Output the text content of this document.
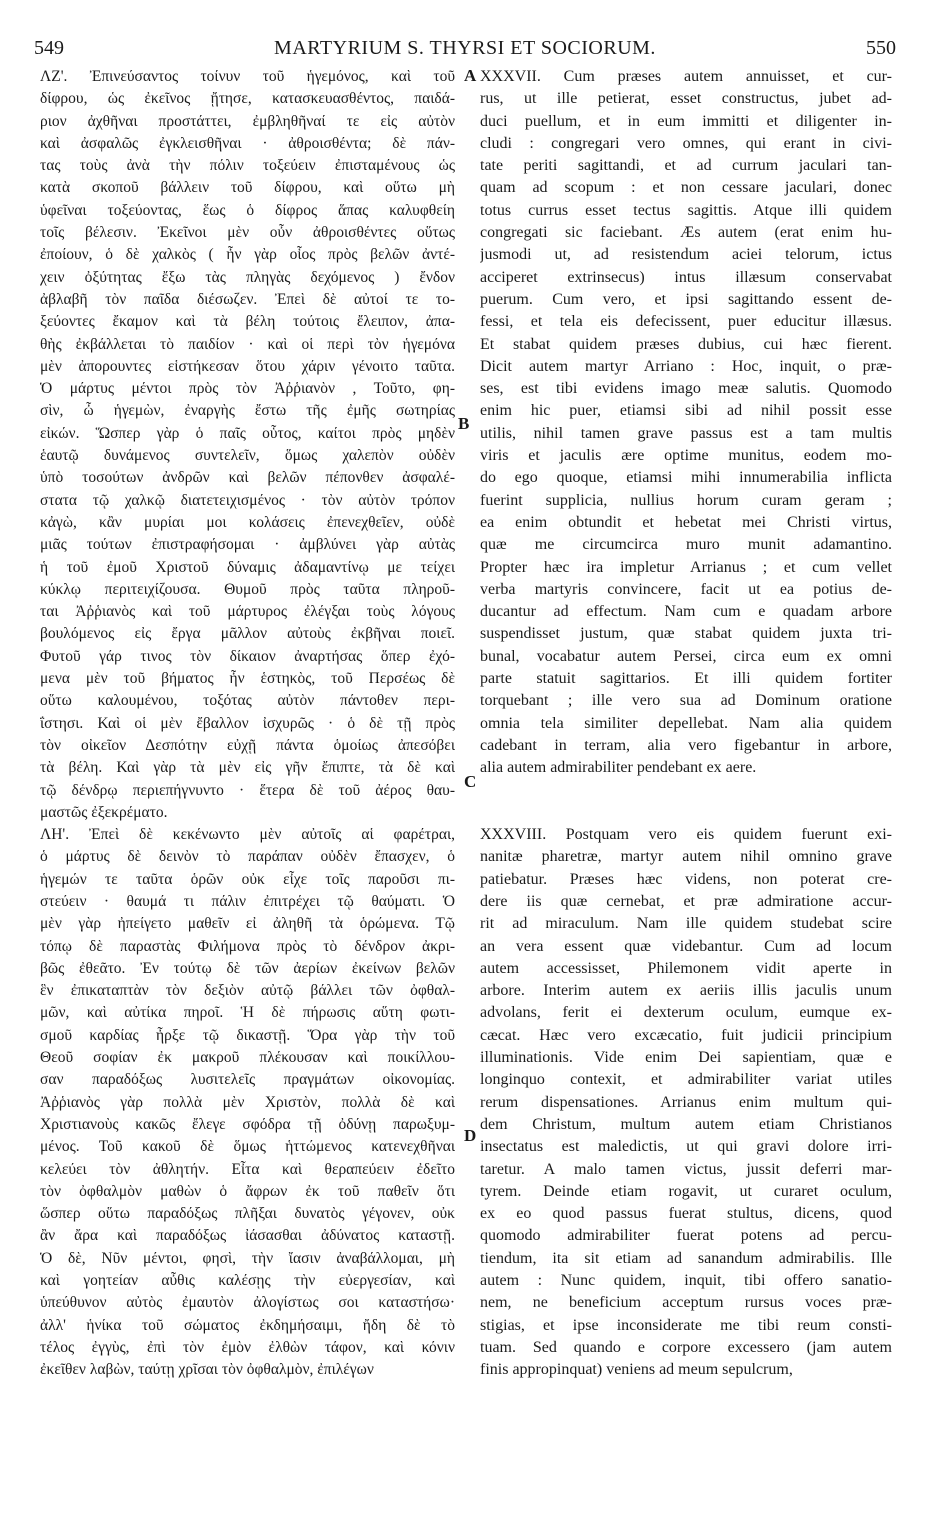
549	MARTYRIUM S. THYRSI ET SOCIORUM.	550
ΛΖ'. Ἐπινεύσαντος τοίνυν τοῦ ἡγεμόνος, καὶ τοῦ
δίφρου, ὡς ἐκεῖνος ᾔτησε, κατασκευασθέντος, παιδά-
ριον ἀχθῆναι προστάττει, ἐμβληθῆναί τε εἰς αὐτὸν
καὶ ἀσφαλῶς ἐγκλεισθῆναι · ἀθροισθέντα; δὲ πάν-
τας τοὺς ἀνὰ τὴν πόλιν τοξεύειν ἐπισταμένους ὡς
κατὰ σκοποῦ βάλλειν τοῦ δίφρου, καὶ οὕτω μὴ
ὑφεῖναι τοξεύοντας, ἕως ὁ δίφρος ἅπας καλυφθείη
τοῖς βέλεσιν. Ἐκεῖνοι μὲν οὖν ἀθροισθέντες οὕτως
ἐποίουν, ὁ δὲ χαλκὸς ( ἦν γὰρ οἷος πρὸς βελῶν ἀντέ-
χειν ὀξύτητας ἔξω τὰς πληγὰς δεχόμενος ) ἔνδον
ἀβλαβῆ τὸν παῖδα διέσωζεν. Ἐπεὶ δὲ αὐτοί τε το-
ξεύοντες ἔκαμον καὶ τὰ βέλη τούτοις ἔλειπον, ἀπα-
θὴς ἐκβάλλεται τὸ παιδίον · καὶ οἱ περὶ τὸν ἡγεμόνα
μὲν ἀπορουντες εἱστήκεσαν ὅτου χάριν γένοιτο ταῦτα.
Ὁ μάρτυς μέντοι πρὸς τὸν Ἀῤῥιανὸν , Τοῦτο, φη-
σὶν, ὦ ἡγεμὼν, ἐναργὴς ἔστω τῆς ἐμῆς σωτηρίας
εἰκών. Ὥσπερ γὰρ ὁ παῖς οὗτος, καίτοι πρὸς μηδὲν
ἑαυτῷ δυνάμενος συντελεῖν, ὅμως χαλεπὸν οὐδὲν
ὑπὸ τοσούτων ἀνδρῶν καὶ βελῶν πέπονθεν ἀσφαλέ-
στατα τῷ χαλκῷ διατετειχισμένος · τὸν αὐτὸν τρόπον
κἀγὼ, κἂν μυρίαι μοι κολάσεις ἐπενεχθεῖεν, οὐδὲ
μιᾶς τούτων ἐπιστραφήσομαι · ἀμβλύνει γὰρ αὐτὰς
ἡ τοῦ ἐμοῦ Χριστοῦ δύναμις ἀδαμαντίνῳ με τείχει
κύκλῳ περιτειχίζουσα. Θυμοῦ πρὸς ταῦτα πληροῦ-
ται Ἀῤῥιανὸς καὶ τοῦ μάρτυρος ἐλέγξαι τοὺς λόγους
βουλόμενος εἰς ἔργα μᾶλλον αὐτοὺς ἐκβῆναι ποιεῖ.
Φυτοῦ γάρ τινος τὸν δίκαιον ἀναρτήσας ὅπερ ἐχό-
μενα μὲν τοῦ βήματος ἦν ἑστηκὸς, τοῦ Περσέως δὲ
οὕτω καλουμένου, τοξότας αὐτὸν πάντοθεν περι-
ΐστησι. Καὶ οἱ μὲν ἔβαλλον ἰσχυρῶς · ὁ δὲ τῇ πρὸς
τὸν οἰκεῖον Δεσπότην εὐχῇ πάντα ὁμοίως ἀπεσόβει
τὰ βέλη. Καὶ γὰρ τὰ μὲν εἰς γῆν ἔπιπτε, τὰ δὲ καὶ
τῷ δένδρῳ περιεπήγνυντο · ἕτερα δὲ τοῦ ἀέρος θαυ-
μαστῶς ἐξεκρέματο.
ΛΗ'. Ἐπεὶ δὲ κεκένωντο μὲν αὐτοῖς αἱ φαρέτραι,
ὁ μάρτυς δὲ δεινὸν τὸ παράπαν οὐδὲν ἔπασχεν, ὁ
ἡγεμών τε ταῦτα ὁρῶν οὐκ εἶχε τοῖς παροῦσι πι-
στεύειν · θαυμά τι πάλιν ἐπιτρέχει τῷ θαύματι. Ὁ
μὲν γὰρ ἠπείγετο μαθεῖν εἰ ἀληθῆ τὰ ὁρώμενα. Τῷ
τόπῳ δὲ παραστὰς Φιλήμονα πρὸς τὸ δένδρον ἀκρι-
βῶς ἐθεᾶτο. Ἐν τούτῳ δὲ τῶν ἀερίων ἐκείνων βελῶν
ἓν ἐπικαταπτὰν τὸν δεξιὸν αὐτῷ βάλλει τῶν ὀφθαλ-
μῶν, καὶ αὐτίκα πηροῖ. Ἡ δὲ πήρωσις αὕτη φωτι-
σμοῦ καρδίας ἦρξε τῷ δικαστῇ. Ὅρα γὰρ τὴν τοῦ
Θεοῦ σοφίαν ἐκ μακροῦ πλέκουσαν καὶ ποικίλλου-
σαν παραδόξως λυσιτελεῖς πραγμάτων οἰκονομίας.
Ἀῤῥιανὸς γὰρ πολλὰ μὲν Χριστὸν, πολλὰ δὲ καὶ
Χριστιανοὺς κακῶς ἔλεγε σφόδρα τῇ ὀδύνῃ παρωξυμ-
μένος. Τοῦ κακοῦ δὲ ὅμως ἡττώμενος κατενεχθῆναι
κελεύει τὸν ἀθλητήν. Εἶτα καὶ θεραπεύειν ἐδεῖτο
τὸν ὀφθαλμὸν μαθὼν ὁ ἄφρων ἐκ τοῦ παθεῖν ὅτι
ὥσπερ οὕτω παραδόξως πλῆξαι δυνατὸς γέγονεν, οὐκ
ἂν ἄρα καὶ παραδόξως ἰάσασθαι ἀδύνατος καταστῇ.
Ὁ δὲ, Νῦν μέντοι, φησὶ, τὴν ἴασιν ἀναβάλλομαι, μὴ
καὶ γοητείαν αὖθις καλέσῃς τὴν εὐεργεσίαν, καὶ
ὑπεύθυνον αὐτὸς ἐμαυτὸν ἀλογίστως σοι καταστήσω·
ἀλλ' ἡνίκα τοῦ σώματος ἐκδημήσαιμι, ἤδη δὲ τὸ
τέλος ἐγγὺς, ἐπὶ τὸν ἐμὸν ἐλθὼν τάφον, καὶ κόνιν
ἐκεῖθεν λαβὼν, ταύτῃ χρῖσαι τὸν ὀφθαλμὸν, ἐπιλέγων
XXXVII. Cum præses autem annuisset, et cur-
rus, ut ille petierat, esset constructus, jubet ad-
duci puellum, et in eum immitti et diligenter in-
cludi : congregari vero omnes, qui erant in civi-
tate periti sagittandi, et ad currum jaculari tan-
quam ad scopum : et non cessare jaculari, donec
totus currus esset tectus sagittis. Atque illi quidem
congregati sic faciebant. Æs autem (erat enim hu-
jusmodi ut, ad resistendum aciei telorum, ictus
acciperet extrinsecus) intus illæsum conservabat
puerum. Cum vero, et ipsi sagittando essent de-
fessi, et tela eis defecissent, puer educitur illæsus.
Et stabat quidem præses dubius, cui hæc fierent.
Dicit autem martyr Arriano : Hoc, inquit, o præ-
ses, est tibi evidens imago meæ salutis. Quomodo
enim hic puer, etiamsi sibi ad nihil possit esse
utilis, nihil tamen grave passus est a tam multis
viris et jaculis ære optime munitus, eodem mo-
do ego quoque, etiamsi mihi innumerabilia inflicta
fuerint supplicia, nullius horum curam geram ;
ea enim obtundit et hebetat mei Christi virtus,
quæ me circumcirca muro munit adamantino.
Propter hæc ira impletur Arrianus ; et cum vellet
verba martyris convincere, facit ut ea potius de-
ducantur ad effectum. Nam cum e quadam arbore
suspendisset justum, quæ stabat quidem juxta tri-
bunal, vocabatur autem Persei, circa eum ex omni
parte statuit sagittarios. Et illi quidem fortiter
torquebant ; ille vero sua ad Dominum oratione
omnia tela similiter depellebat. Nam alia quidem
cadebant in terram, alia vero figebantur in arbore,
alia autem admirabiliter pendebant ex aere.
XXXVIII. Postquam vero eis quidem fuerunt exi-
nanitæ pharetræ, martyr autem nihil omnino grave
patiebatur. Præses hæc videns, non poterat cre-
dere iis quæ cernebat, et præ admiratione accur-
rit ad miraculum. Nam ille quidem studebat scire
an vera essent quæ videbantur. Cum ad locum
autem accessisset, Philemonem vidit aperte in
arbore. Interim autem ex aeriis illis jaculis unum
advolans, ferit ei dexterum oculum, eumque ex-
cæcat. Hæc vero excæcatio, fuit judicii principium
illuminationis. Vide enim Dei sapientiam, quæ e
longinquo contexit, et admirabiliter variat utiles
rerum dispensationes. Arrianus enim multum qui-
dem Christum, multum autem etiam Christianos
insectatus est maledictis, ut qui gravi dolore irri-
taretur. A malo tamen victus, jussit deferri mar-
tyrem. Deinde etiam rogavit, ut curaret oculum,
ex eo quod passus fuerat stultus, dicens, quod
quomodo admirabiliter fuerat potens ad percu-
tiendum, ita sit etiam ad sanandum admirabilis. Ille
autem : Nunc quidem, inquit, tibi offero sanatio-
nem, ne beneficium acceptum rursus voces præ-
stigias, et ipse inconsiderate me tibi reum consti-
tuam. Sed quando e corpore excessero (jam autem
finis appropinquat) veniens ad meum sepulcrum,
A
B
C
D
